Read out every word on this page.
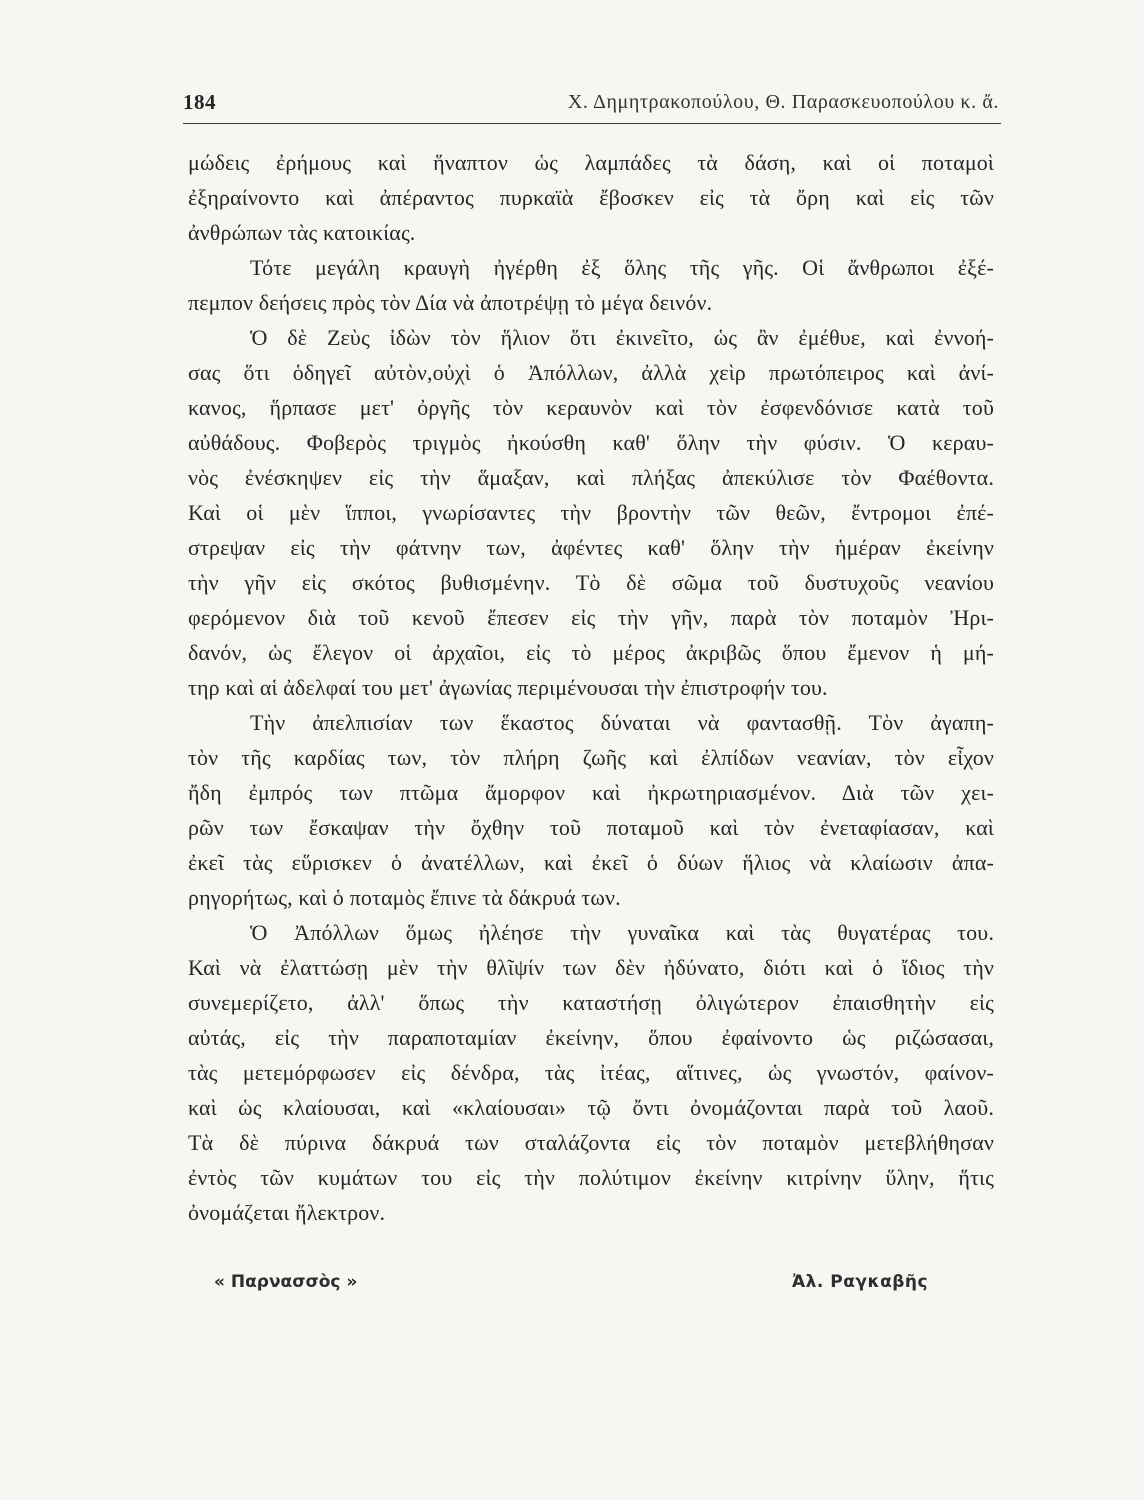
184	Χ. Δημητρακοπούλου, Θ. Παρασκευοπούλου κ. ἄ.
μώδεις ἐρήμους καὶ ἥναπτον ὡς λαμπάδες τὰ δάση, καὶ οἱ ποταμοὶ
ἐξηραίνοντο καὶ ἀπέραντος πυρκαϊὰ ἔβοσκεν εἰς τὰ ὄρη καὶ εἰς τῶν
ἀνθρώπων τὰς κατοικίας.
Τότε μεγάλη κραυγὴ ἠγέρθη ἐξ ὅλης τῆς γῆς. Οἱ ἄνθρωποι ἐξέ-
πεμπον δεήσεις πρὸς τὸν Δία νὰ ἀποτρέψῃ τὸ μέγα δεινόν.
Ὁ δὲ Ζεὺς ἰδὼν τὸν ἥλιον ὅτι ἐκινεῖτο, ὡς ἂν ἐμέθυε, καὶ ἐννοή-
σας ὅτι ὁδηγεῖ αὐτὸν,οὐχὶ ὁ Ἀπόλλων, ἀλλὰ χεὶρ πρωτόπειρος καὶ ἀνί-
κανος, ἥρπασε μετ' ὀργῆς τὸν κεραυνὸν καὶ τὸν ἐσφενδόνισε κατὰ τοῦ
αὐθάδους. Φοβερὸς τριγμὸς ἠκούσθη καθ' ὅλην τὴν φύσιν. Ὁ κεραυ-
νὸς ἐνέσκηψεν εἰς τὴν ἅμαξαν, καὶ πλήξας ἀπεκύλισε τὸν Φαέθοντα.
Καὶ οἱ μὲν ἵπποι, γνωρίσαντες τὴν βροντὴν τῶν θεῶν, ἔντρομοι ἐπέ-
στρεψαν εἰς τὴν φάτνην των, ἀφέντες καθ' ὅλην τὴν ἡμέραν ἐκείνην
τὴν γῆν εἰς σκότος βυθισμένην. Τὸ δὲ σῶμα τοῦ δυστυχοῦς νεανίου
φερόμενον διὰ τοῦ κενοῦ ἔπεσεν εἰς τὴν γῆν, παρὰ τὸν ποταμὸν Ἠρι-
δανόν, ὡς ἔλεγον οἱ ἀρχαῖοι, εἰς τὸ μέρος ἀκριβῶς ὅπου ἔμενον ἡ μή-
τηρ καὶ αἱ ἀδελφαί του μετ' ἀγωνίας περιμένουσαι τὴν ἐπιστροφήν του.
Τὴν ἀπελπισίαν των ἕκαστος δύναται νὰ φαντασθῇ. Τὸν ἀγαπη-
τὸν τῆς καρδίας των, τὸν πλήρη ζωῆς καὶ ἐλπίδων νεανίαν, τὸν εἶχον
ἤδη ἐμπρός των πτῶμα ἄμορφον καὶ ἠκρωτηριασμένον. Διὰ τῶν χει-
ρῶν των ἔσκαψαν τὴν ὄχθην τοῦ ποταμοῦ καὶ τὸν ἐνεταφίασαν, καὶ
ἐκεῖ τὰς εὕρισκεν ὁ ἀνατέλλων, καὶ ἐκεῖ ὁ δύων ἥλιος νὰ κλαίωσιν ἀπα-
ρηγορήτως, καὶ ὁ ποταμὸς ἔπινε τὰ δάκρυά των.
Ὁ Ἀπόλλων ὅμως ἠλέησε τὴν γυναῖκα καὶ τὰς θυγατέρας του.
Καὶ νὰ ἐλαττώσῃ μὲν τὴν θλῖψίν των δὲν ἠδύνατο, διότι καὶ ὁ ἴδιος τὴν
συνεμερίζετο, ἀλλ' ὅπως τὴν καταστήσῃ ὀλιγώτερον ἐπαισθητὴν εἰς
αὐτάς, εἰς τὴν παραποταμίαν ἐκείνην, ὅπου ἐφαίνοντο ὡς ριζώσασαι,
τὰς μετεμόρφωσεν εἰς δένδρα, τὰς ἰτέας, αἵτινες, ὡς γνωστόν, φαίνον-
καὶ ὡς κλαίουσαι, καὶ «κλαίουσαι» τῷ ὄντι ὀνομάζονται παρὰ τοῦ λαοῦ.
Τὰ δὲ πύρινα δάκρυά των σταλάζοντα εἰς τὸν ποταμὸν μετεβλήθησαν
ἐντὸς τῶν κυμάτων του εἰς τὴν πολύτιμον ἐκείνην κιτρίνην ὕλην, ἥτις
ὀνομάζεται ἤλεκτρον.
« Παρνασσὸς »	Ἀλ. Ραγκαβῆς
